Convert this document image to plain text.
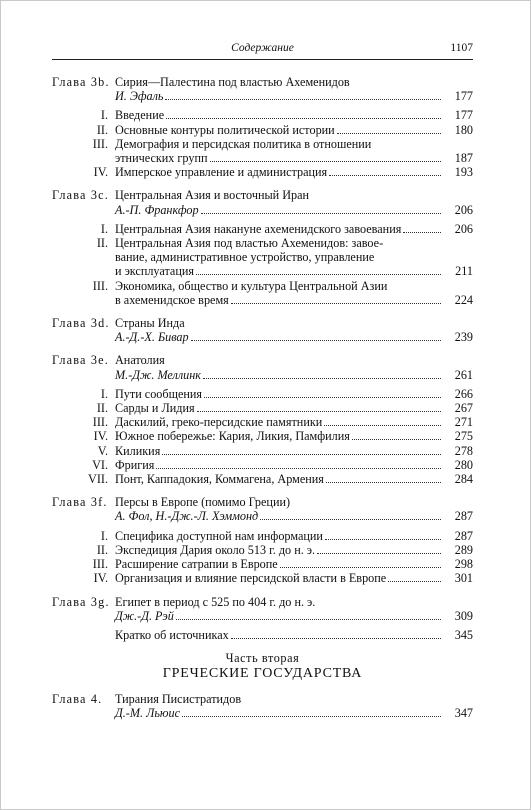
Содержание	1107
Глава 3b. Сирия—Палестина под властью Ахеменидов
И. Эфаль	177
I. Введение	177
II. Основные контуры политической истории	180
III. Демография и персидская политика в отношении
этнических групп	187
IV. Имперское управление и администрация	193
Глава 3c. Центральная Азия и восточный Иран
А.-П. Франкфор	206
I. Центральная Азия накануне ахеменидского завоевания	206
II. Центральная Азия под властью Ахеменидов: завое-
вание, административное устройство, управление
и эксплуатация	211
III. Экономика, общество и культура Центральной Азии
в ахеменидское время	224
Глава 3d. Страны Инда
А.-Д.-Х. Бивар	239
Глава 3е. Анатолия
М.-Дж. Меллинк	261
I. Пути сообщения	266
II. Сарды и Лидия	267
III. Даскилий, греко-персидские памятники	271
IV. Южное побережье: Кария, Ликия, Памфилия	275
V. Киликия	278
VI. Фригия	280
VII. Понт, Каппадокия, Коммагена, Армения	284
Глава 3f. Персы в Европе (помимо Греции)
А. Фол, Н.-Дж.-Л. Хэммонд	287
I. Специфика доступной нам информации	287
II. Экспедиция Дария около 513 г. до н. э.	289
III. Расширение сатрапии в Европе	298
IV. Организация и влияние персидской власти в Европе	301
Глава 3g. Египет в период с 525 по 404 г. до н. э.
Дж.-Д. Рэй	309
Кратко об источниках	345
Часть вторая
ГРЕЧЕСКИЕ ГОСУДАРСТВА
Глава 4. Тирания Писистратидов
Д.-М. Льюис	347
